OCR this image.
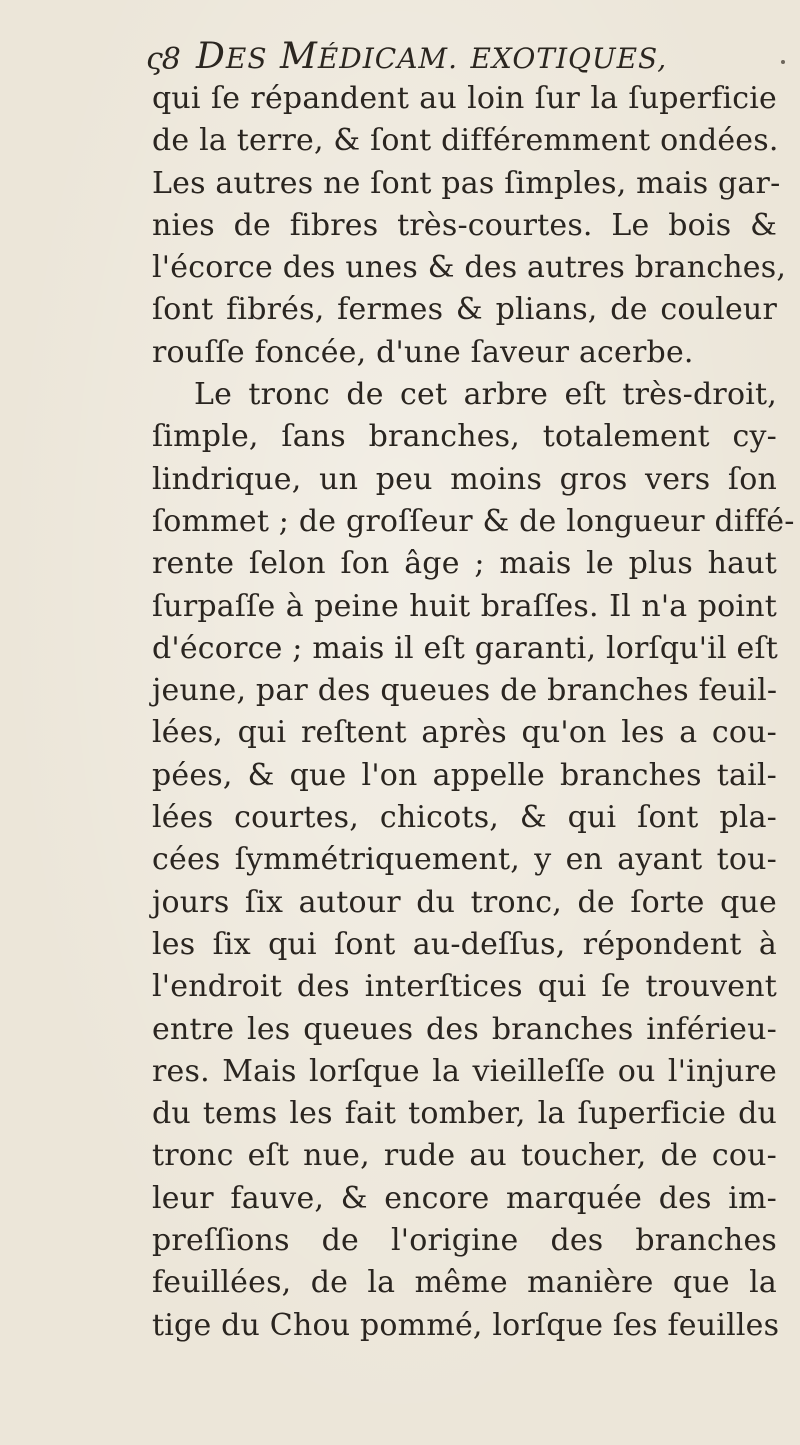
ς8 DES MÉDICAM. EXOTIQUES,
qui ſe répandent au loin ſur la ſuperficie
de la terre, & ſont différemment ondées.
Les autres ne ſont pas ſimples, mais gar-
nies de fibres très-courtes. Le bois &
l'écorce des unes & des autres branches,
ſont fibrés, fermes & plians, de couleur
rouſſe foncée, d'une ſaveur acerbe.
Le tronc de cet arbre eſt très-droit,
ſimple, ſans branches, totalement cy-
lindrique, un peu moins gros vers ſon
ſommet ; de groſſeur & de longueur diffé-
rente ſelon ſon âge ; mais le plus haut
ſurpaſſe à peine huit braſſes. Il n'a point
d'écorce ; mais il eſt garanti, lorſqu'il eſt
jeune, par des queues de branches feuil-
lées, qui reſtent après qu'on les a cou-
pées, & que l'on appelle branches tail-
lées courtes, chicots, & qui ſont pla-
cées ſymmétriquement, y en ayant tou-
jours ſix autour du tronc, de ſorte que
les ſix qui ſont au-deſſus, répondent à
l'endroit des interſtices qui ſe trouvent
entre les queues des branches inférieu-
res. Mais lorſque la vieilleſſe ou l'injure
du tems les fait tomber, la ſuperficie du
tronc eſt nue, rude au toucher, de cou-
leur fauve, & encore marquée des im-
preſſions de l'origine des branches
feuillées, de la même manière que la
tige du Chou pommé, lorſque ſes feuilles
